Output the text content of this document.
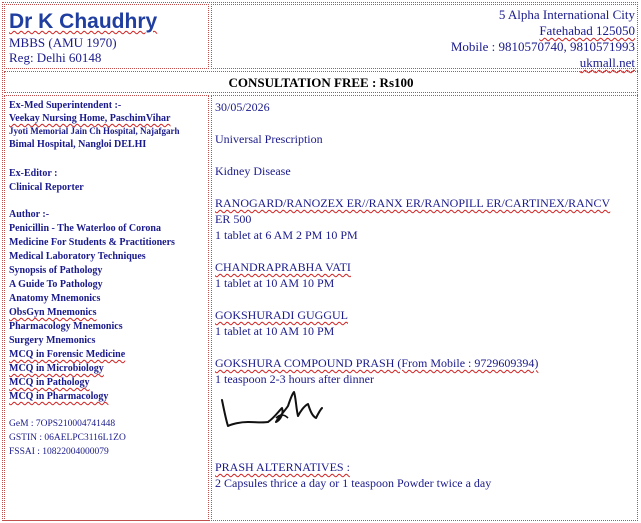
Dr K Chaudhry
MBBS (AMU 1970)
Reg: Delhi 60148
5 Alpha International City
Fatehabad 125050
Mobile : 9810570740, 9810571993
ukmall.net
CONSULTATION FREE : Rs100
Ex-Med Superintendent :-
Veekay Nursing Home, PaschimVihar
Jyoti Memorial Jain Ch Hospital, Najafgarh
Bimal Hospital, Nangloi DELHI
Ex-Editor :
Clinical Reporter
Author :-
Penicillin - The Waterloo of Corona
Medicine For Students & Practitioners
Medical Laboratory Techniques
Synopsis of Pathology
A Guide To Pathology
Anatomy Mnemonics
ObsGyn Mnemonics
Pharmacology Mnemonics
Surgery Mnemonics
MCQ in Forensic Medicine
MCQ in Microbiology
MCQ in Pathology
MCQ in Pharmacology
GeM : 7OPS210004741448
GSTIN : 06AELPC3116L1ZO
FSSAI : 10822004000079
30/05/2026
Universal Prescription
Kidney Disease
RANOGARD/RANOZEX ER//RANX ER/RANOPILL ER/CARTINEX/RANCV
ER 500
1 tablet at 6 AM 2 PM 10 PM
CHANDRAPRABHA VATI
1 tablet at 10 AM 10 PM
GOKSHURADI GUGGUL
1 tablet at 10 AM 10 PM
GOKSHURA COMPOUND PRASH (From Mobile : 9729609394)
1 teaspoon 2-3 hours after dinner
PRASH ALTERNATIVES :
2 Capsules thrice a day or 1 teaspoon Powder twice a day
